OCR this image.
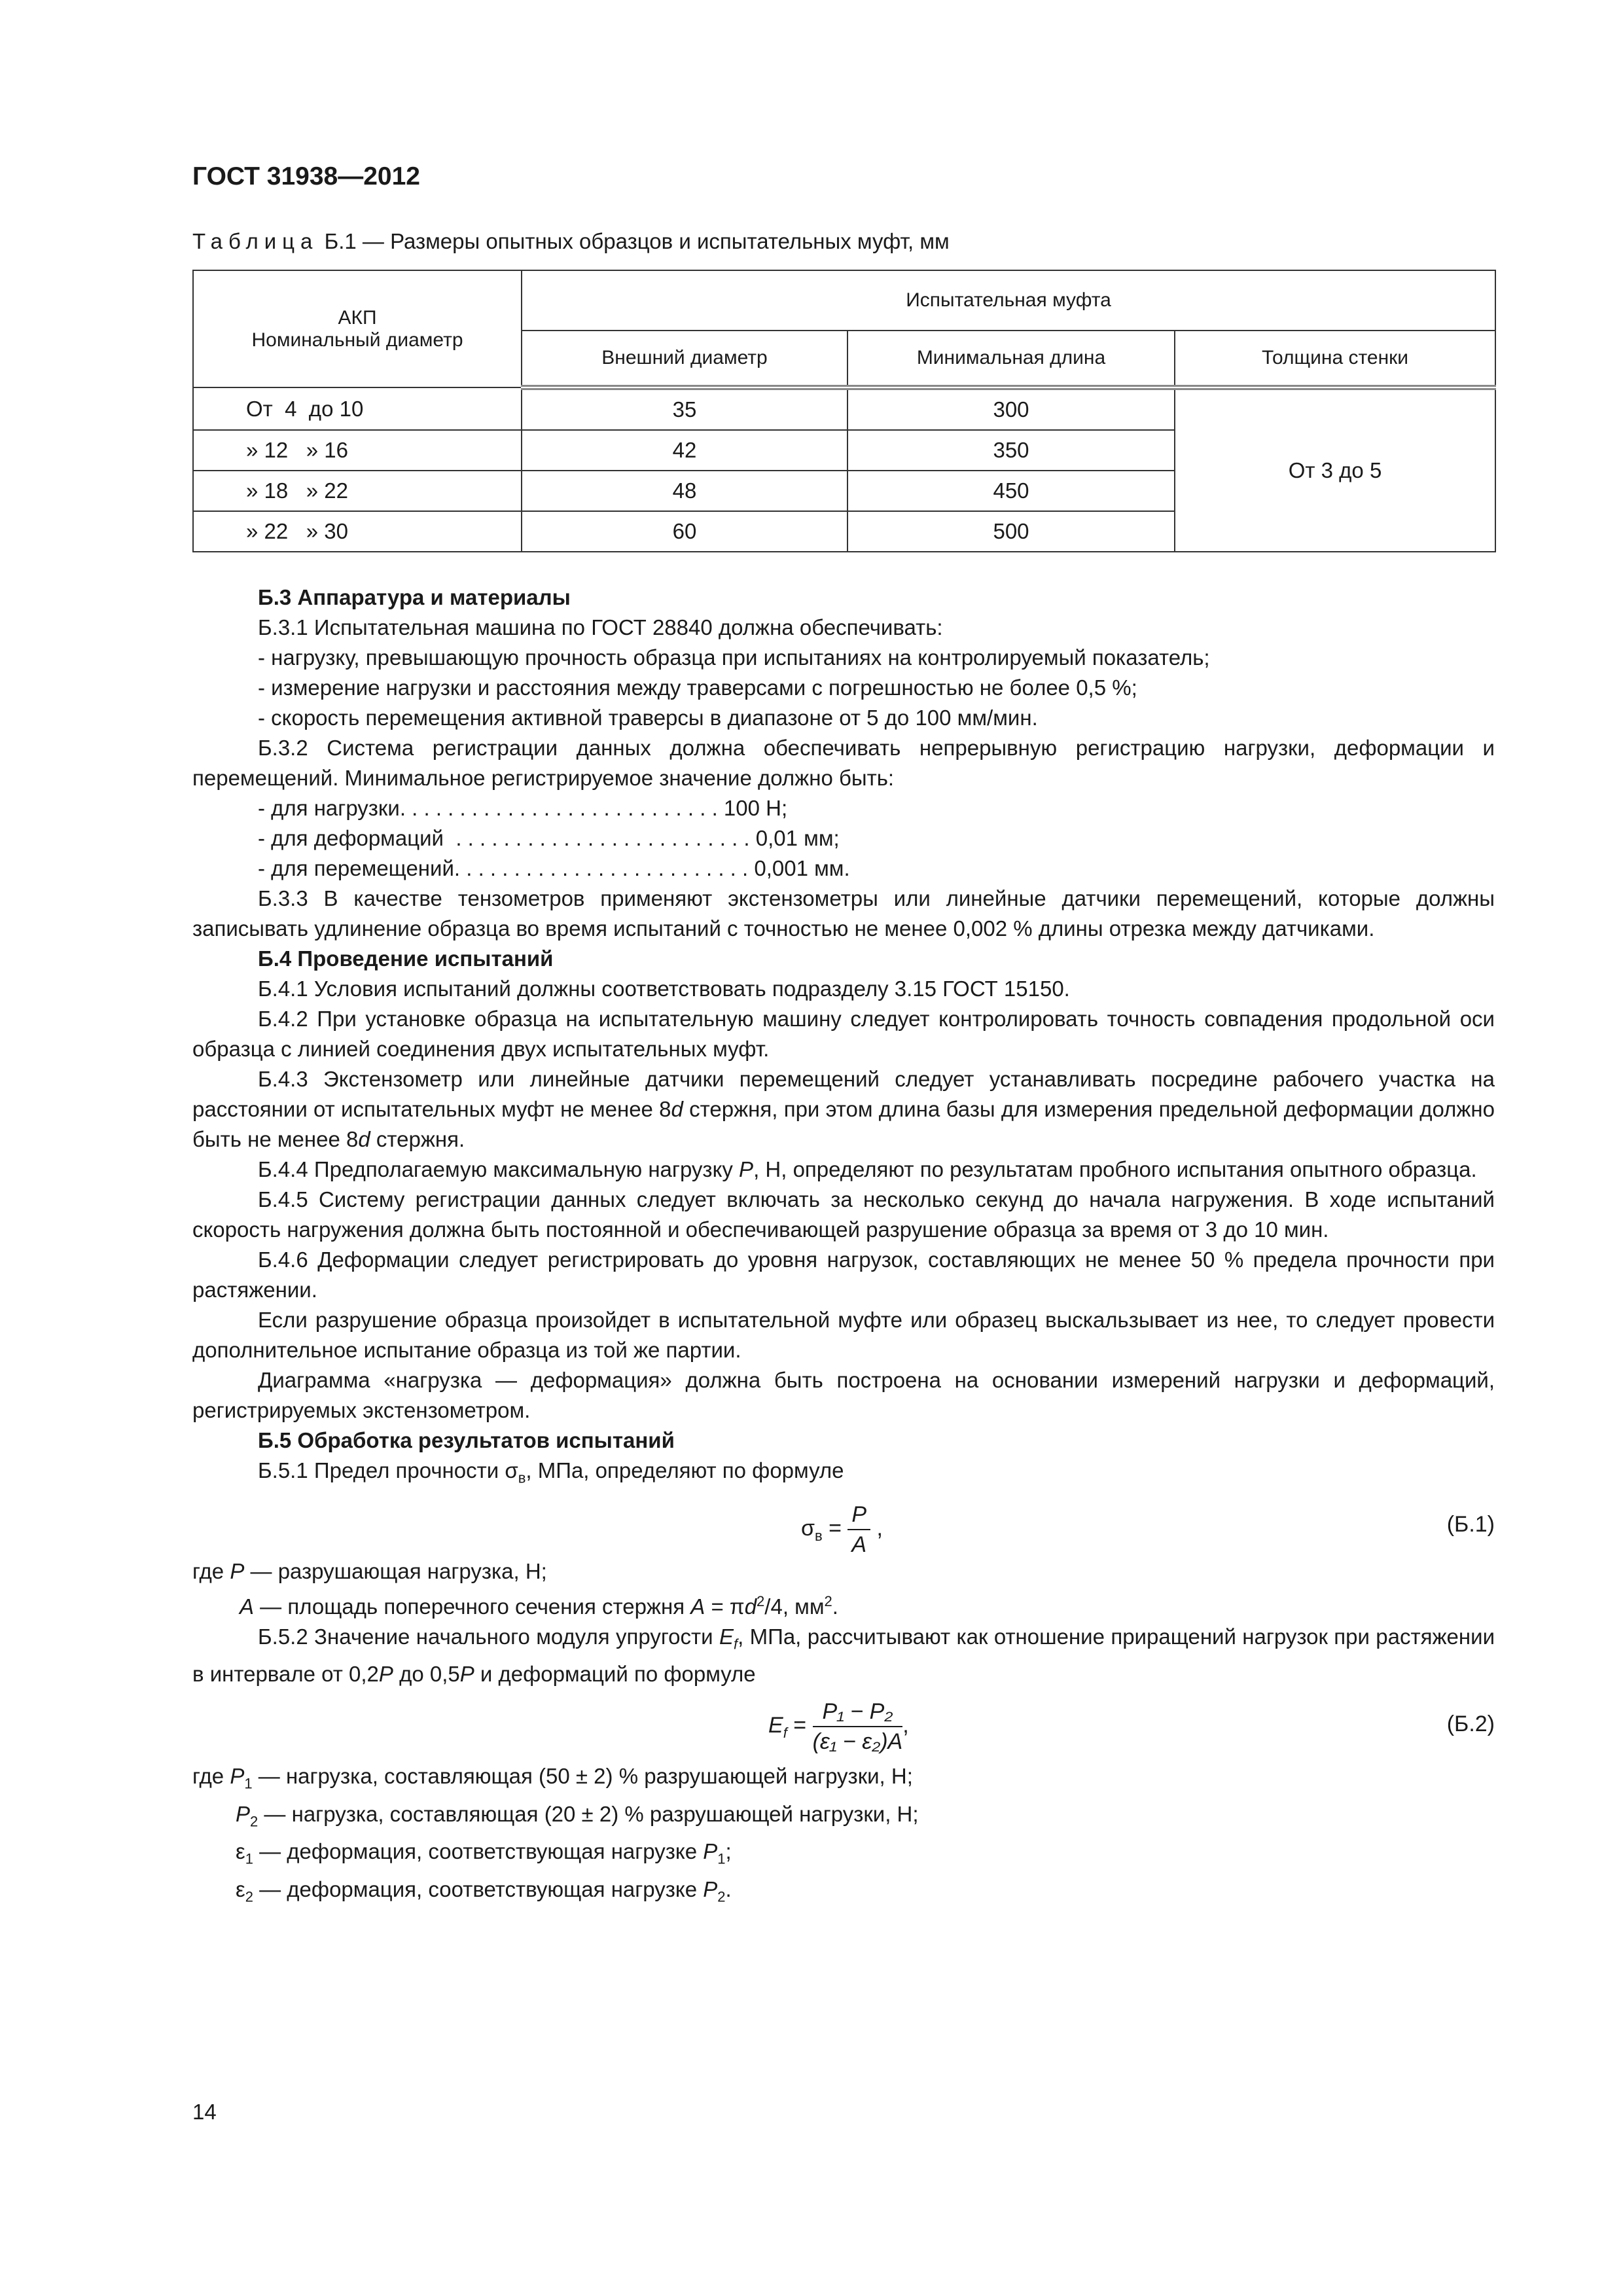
ГОСТ 31938—2012
Таблица Б.1 — Размеры опытных образцов и испытательных муфт, мм
АКП
Номинальный диаметр	Испытательная муфта		
	Внешний диаметр	Минимальная длина	Толщина стенки
От  4  до 10	35	300	От 3 до 5
» 12   » 16	42	350	
» 18   » 22	48	450	
» 22   » 30	60	500	

Б.3 Аппаратура и материалы

Б.3.1 Испытательная машина по ГОСТ 28840 должна обеспечивать:

- нагрузку, превышающую прочность образца при испытаниях на контролируемый показатель;

- измерение нагрузки и расстояния между траверсами с погрешностью не более 0,5 %;

- скорость перемещения активной траверсы в диапазоне от 5 до 100 мм/мин.

Б.3.2 Система регистрации данных должна обеспечивать непрерывную регистрацию нагрузки, деформации и перемещений. Минимальное регистрируемое значение должно быть:

- для нагрузки. . . . . . . . . . . . . . . . . . . . . . . . . . . 100 Н;

- для деформаций  . . . . . . . . . . . . . . . . . . . . . . . . . 0,01 мм;

- для перемещений. . . . . . . . . . . . . . . . . . . . . . . . . 0,001 мм.

Б.3.3 В качестве тензометров применяют экстензометры или линейные датчики перемещений, которые должны записывать удлинение образца во время испытаний с точностью не менее 0,002 % длины отрезка между датчиками.

Б.4 Проведение испытаний

Б.4.1 Условия испытаний должны соответствовать подразделу 3.15 ГОСТ 15150.

Б.4.2 При установке образца на испытательную машину следует контролировать точность совпадения продольной оси образца с линией соединения двух испытательных муфт.

Б.4.3 Экстензометр или линейные датчики перемещений следует устанавливать посредине рабочего участка на расстоянии от испытательных муфт не менее 8d стержня, при этом длина базы для измерения предельной деформации должно быть не менее 8d стержня.

Б.4.4 Предполагаемую максимальную нагрузку P, Н, определяют по результатам пробного испытания опытного образца.

Б.4.5 Систему регистрации данных следует включать за несколько секунд до начала нагружения. В ходе испытаний скорость нагружения должна быть постоянной и обеспечивающей разрушение образца за время от 3 до 10 мин.

Б.4.6 Деформации следует регистрировать до уровня нагрузок, составляющих не менее 50 % предела прочности при растяжении.

Если разрушение образца произойдет в испытательной муфте или образец выскальзывает из нее, то следует провести дополнительное испытание образца из той же партии.

Диаграмма «нагрузка — деформация» должна быть построена на основании измерений нагрузки и деформаций, регистрируемых экстензометром.

Б.5 Обработка результатов испытаний

Б.5.1 Предел прочности $\sigma_в$, МПа, определяют по формуле

$\sigma_в = \frac{P}{A}$ ,	(Б.1)

где P — разрушающая нагрузка, Н;

A — площадь поперечного сечения стержня $A = \pi d^2/4$, $мм^2$.

Б.5.2 Значение начального модуля упругости $E_f$, МПа, рассчитывают как отношение приращений нагрузок при растяжении в интервале от 0,2P до 0,5P и деформаций по формуле

$E_f = \frac{\text{P₁ − P₂}}{\text{(ε₁ − ε₂)A}}$ ,	(Б.2)

где $P_1$ — нагрузка, составляющая (50 ± 2) % разрушающей нагрузки, Н;

$P_2$ — нагрузка, составляющая (20 ± 2) % разрушающей нагрузки, Н;

$\varepsilon_1$ — деформация, соответствующая нагрузке $P_1$;

$\varepsilon_2$ — деформация, соответствующая нагрузке $P_2$.

14
